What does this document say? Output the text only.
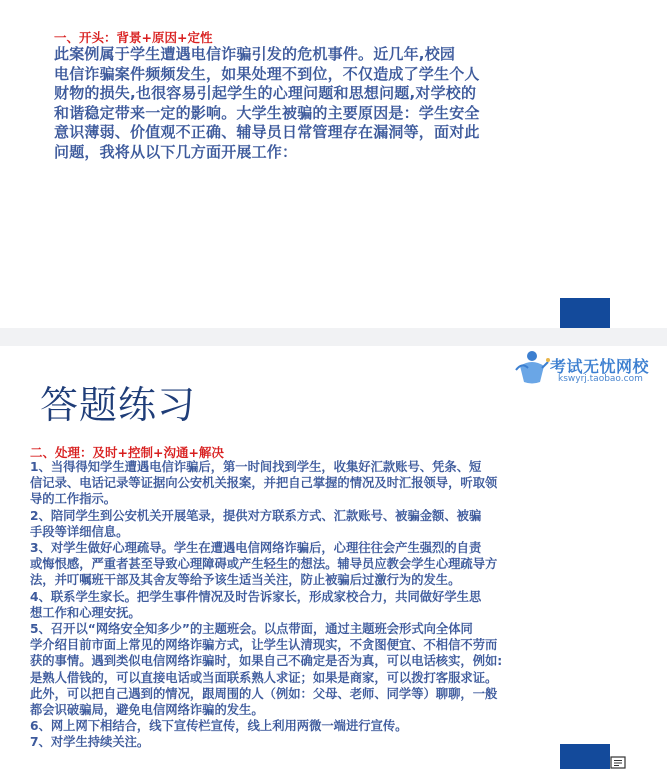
一、开头：背景+原因+定性
此案例属于学生遭遇电信诈骗引发的危机事件。近几年,校园
电信诈骗案件频频发生，如果处理不到位，不仅造成了学生个人
财物的损失,也很容易引起学生的心理问题和思想问题,对学校的
和谐稳定带来一定的影响。大学生被骗的主要原因是：学生安全
意识薄弱、价值观不正确、辅导员日常管理存在漏洞等，面对此
问题，我将从以下几方面开展工作：
考试无忧网校
kswyrj.taobao.com
答题练习
二、处理：及时+控制+沟通+解决
1、当得得知学生遭遇电信诈骗后，第一时间找到学生，收集好汇款账号、凭条、短
信记录、电话记录等证据向公安机关报案，并把自己掌握的情况及时汇报领导，听取领
导的工作指示。
2、陪同学生到公安机关开展笔录，提供对方联系方式、汇款账号、被骗金额、被骗
手段等详细信息。
3、对学生做好心理疏导。学生在遭遇电信网络诈骗后，心理往往会产生强烈的自责
或悔恨感，严重者甚至导致心理障碍或产生轻生的想法。辅导员应教会学生心理疏导方
法，并叮嘱班干部及其舍友等给予该生适当关注，防止被骗后过激行为的发生。
4、联系学生家长。把学生事件情况及时告诉家长，形成家校合力，共同做好学生思
想工作和心理安抚。
5、召开以“网络安全知多少”的主题班会。以点带面，通过主题班会形式向全体同
学介绍目前市面上常见的网络诈骗方式，让学生认清现实，不贪图便宜、不相信不劳而
获的事情。遇到类似电信网络诈骗时，如果自己不确定是否为真，可以电话核实，例如:
是熟人借钱的，可以直接电话或当面联系熟人求证；如果是商家，可以拨打客服求证。
此外，可以把自己遇到的情况，跟周围的人（例如：父母、老师、同学等）聊聊，一般
都会识破骗局，避免电信网络诈骗的发生。
6、网上网下相结合，线下宣传栏宣传，线上利用两微一端进行宣传。
7、对学生持续关注。
